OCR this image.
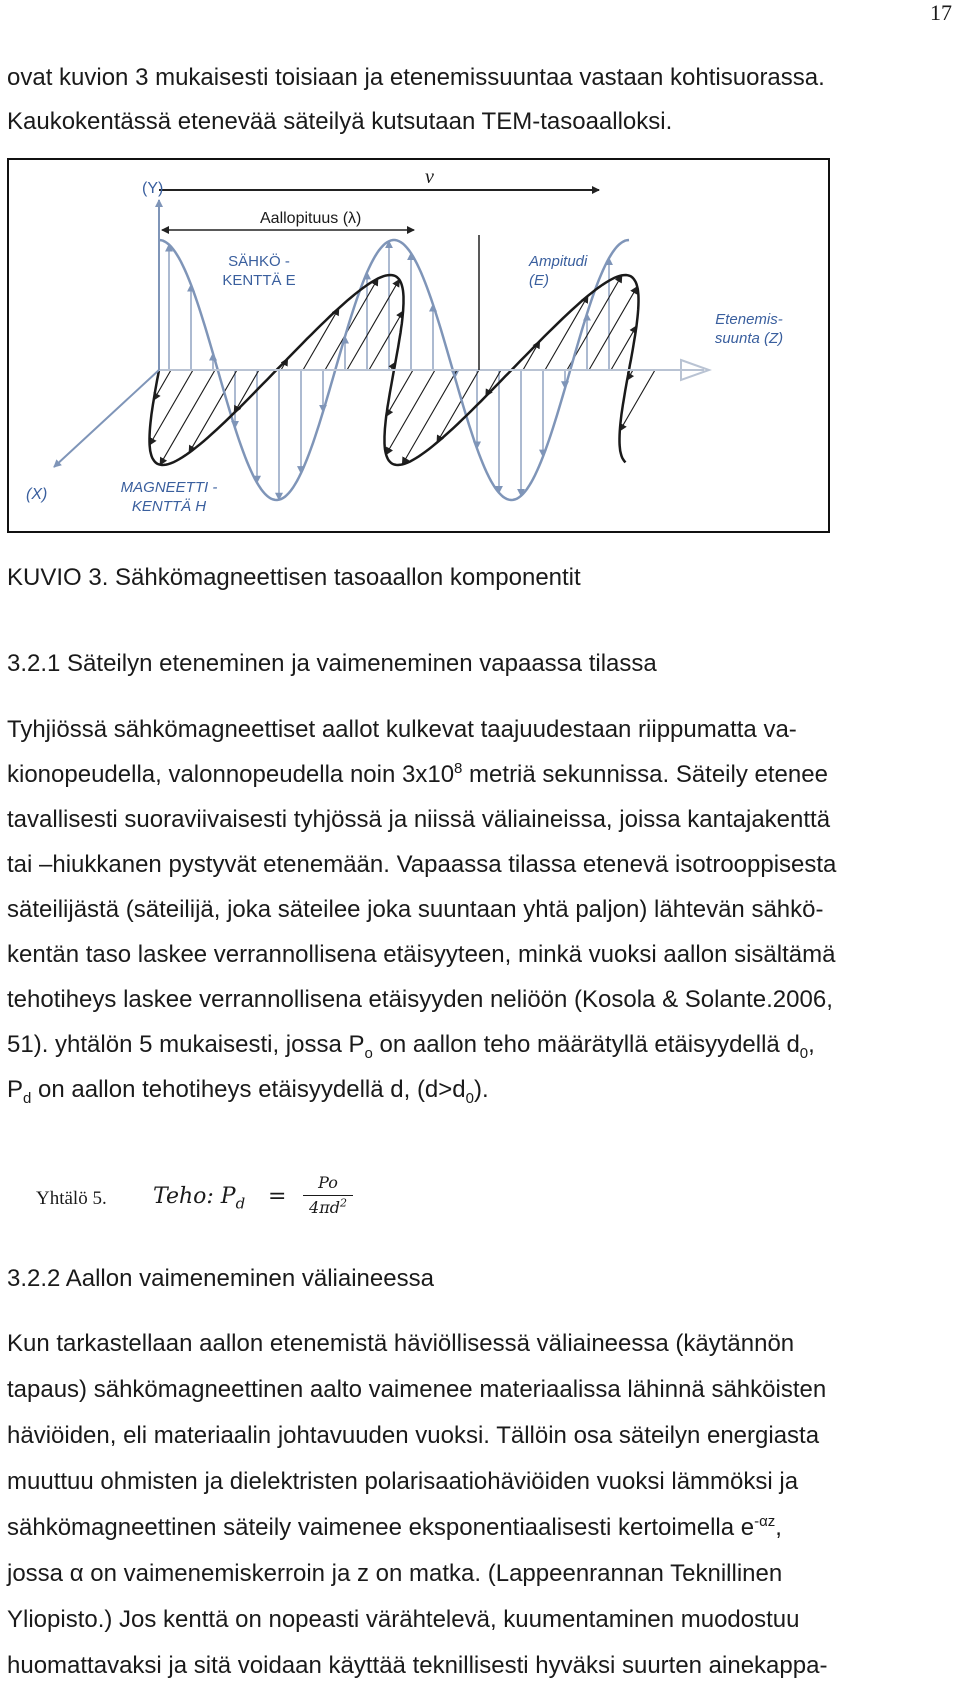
17
ovat kuvion 3 mukaisesti toisiaan ja etenemissuuntaa vastaan kohtisuorassa.
Kaukokentässä etenevää säteilyä kutsutaan TEM-tasoaalloksi.
(Y)
ν
Aallopituus (λ)
SÄHKÖ -
KENTTÄ E
Ampitudi
(E)
Etenemis-
suunta (Z)
(X)	MAGNEETTI -
KENTTÄ H
KUVIO 3. Sähkömagneettisen tasoaallon komponentit
3.2.1 Säteilyn eteneminen ja vaimeneminen vapaassa tilassa
Tyhjiössä sähkömagneettiset aallot kulkevat taajuudestaan riippumatta va-
kionopeudella, valonnopeudella noin $3x10^8$ metriä sekunnissa. Säteily etenee
tavallisesti suoraviivaisesti tyhjössä ja niissä väliaineissa, joissa kantajakenttä
tai –hiukkanen pystyvät etenemään. Vapaassa tilassa etenevä isotrooppisesta
säteilijästä (säteilijä, joka säteilee joka suuntaan yhtä paljon) lähtevän sähkö-
kentän taso laskee verrannollisena etäisyyteen, minkä vuoksi aallon sisältämä
tehotiheys laskee verrannollisena etäisyyden neliöön (Kosola & Solante.2006,
51). yhtälön 5 mukaisesti, jossa $P_o$ on aallon teho määrätyllä etäisyydellä $d_0$,
$P_d$ on aallon tehotiheys etäisyydellä d, $(d>d_0)$.
Yhtälö 5. Teho: $P_d$ =
Po
$4\pi d^2$
3.2.2 Aallon vaimeneminen väliaineessa
Kun tarkastellaan aallon etenemistä häviöllisessä väliaineessa (käytännön
tapaus) sähkömagneettinen aalto vaimenee materiaalissa lähinnä sähköisten
häviöiden, eli materiaalin johtavuuden vuoksi. Tällöin osa säteilyn energiasta
muuttuu ohmisten ja dielektristen polarisaatiohäviöiden vuoksi lämmöksi ja
sähkömagneettinen säteily vaimenee eksponentiaalisesti kertoimella $e^{-\alpha z}$,
jossa α on vaimenemiskerroin ja z on matka. (Lappeenrannan Teknillinen
Yliopisto.) Jos kenttä on nopeasti värähtelevä, kuumentaminen muodostuu
huomattavaksi ja sitä voidaan käyttää teknillisesti hyväksi suurten ainekappa-
